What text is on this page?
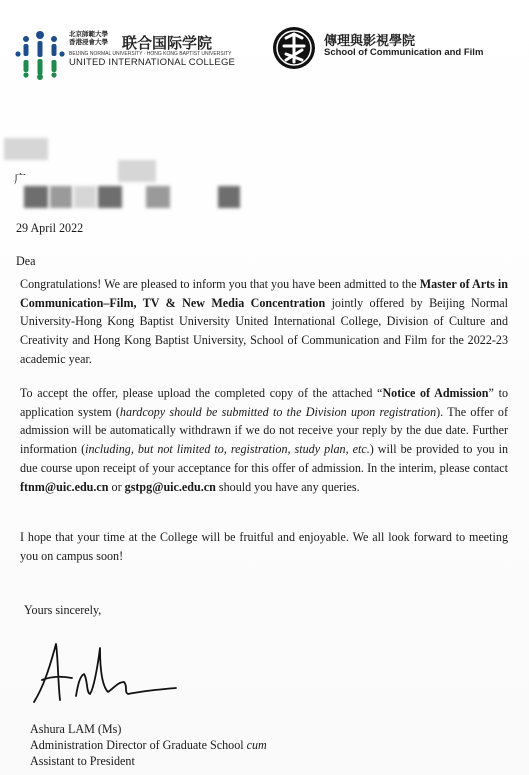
北京師範大學
香港浸會大學 联合国际学院
BEIJING NORMAL UNIVERSITY · HONG KONG BAPTIST UNIVERSITY
UNITED INTERNATIONAL COLLEGE
傳理與影視學院
School of Communication and Film
广
29 April 2022
Dea
Congratulations! We are pleased to inform you that you have been admitted to the Master of Arts in Communication–Film, TV & New Media Concentration jointly offered by Beijing Normal University-Hong Kong Baptist University United International College, Division of Culture and Creativity and Hong Kong Baptist University, School of Communication and Film for the 2022-23 academic year.
To accept the offer, please upload the completed copy of the attached “Notice of Admission” to application system (hardcopy should be submitted to the Division upon registration). The offer of admission will be automatically withdrawn if we do not receive your reply by the due date. Further information (including, but not limited to, registration, study plan, etc.) will be provided to you in due course upon receipt of your acceptance for this offer of admission. In the interim, please contact ftnm@uic.edu.cn or gstpg@uic.edu.cn should you have any queries.
I hope that your time at the College will be fruitful and enjoyable. We all look forward to meeting you on campus soon!
Yours sincerely,
Ashura LAM (Ms)
Administration Director of Graduate School cum
Assistant to President
